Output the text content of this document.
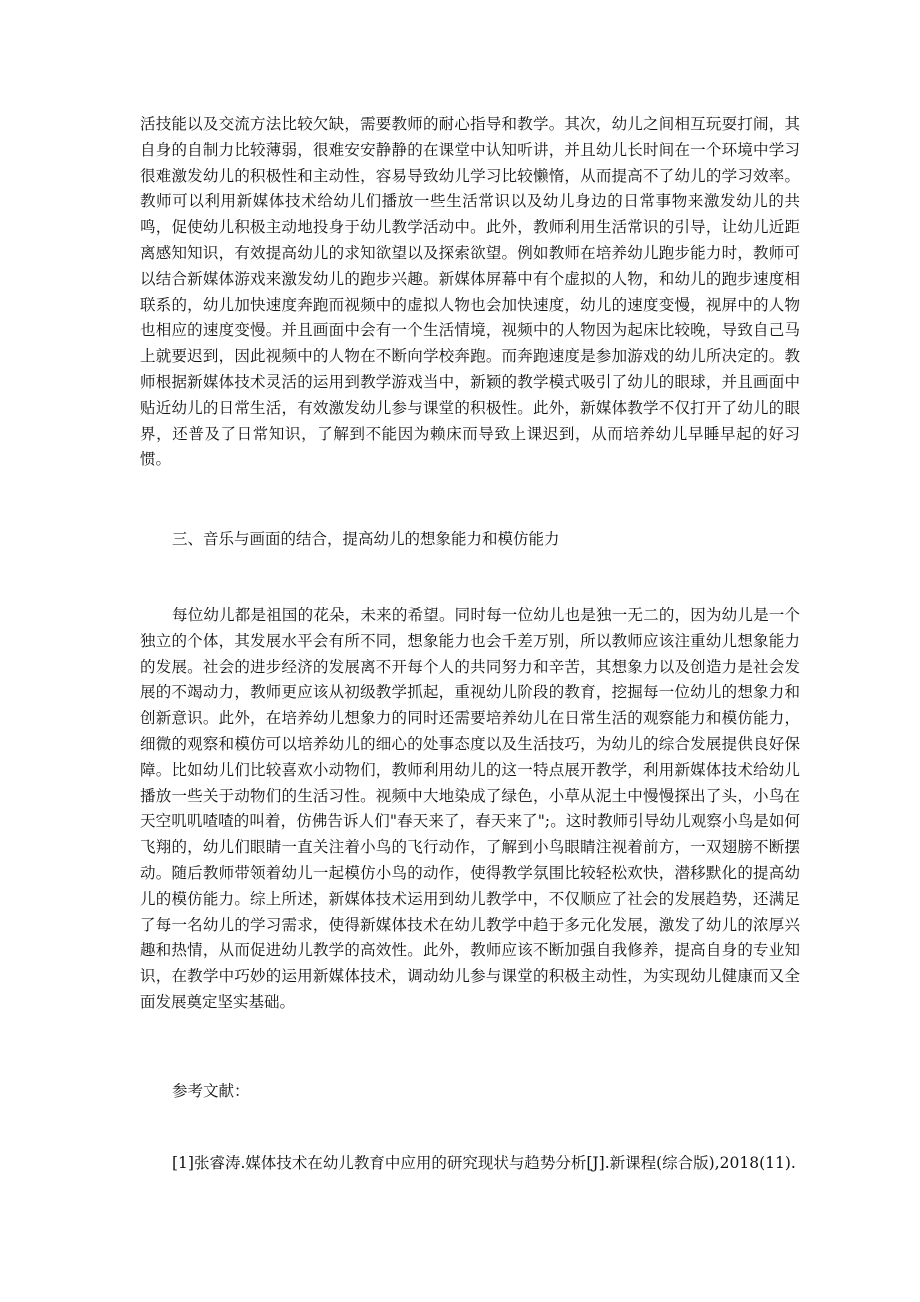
活技能以及交流方法比较欠缺，需要教师的耐心指导和教学。其次，幼儿之间相互玩耍打闹，其自身的自制力比较薄弱，很难安安静静的在课堂中认知听讲，并且幼儿长时间在一个环境中学习很难激发幼儿的积极性和主动性，容易导致幼儿学习比较懒惰，从而提高不了幼儿的学习效率。教师可以利用新媒体技术给幼儿们播放一些生活常识以及幼儿身边的日常事物来激发幼儿的共鸣，促使幼儿积极主动地投身于幼儿教学活动中。此外，教师利用生活常识的引导，让幼儿近距离感知知识，有效提高幼儿的求知欲望以及探索欲望。例如教师在培养幼儿跑步能力时，教师可以结合新媒体游戏来激发幼儿的跑步兴趣。新媒体屏幕中有个虚拟的人物，和幼儿的跑步速度相联系的，幼儿加快速度奔跑而视频中的虚拟人物也会加快速度，幼儿的速度变慢，视屏中的人物也相应的速度变慢。并且画面中会有一个生活情境，视频中的人物因为起床比较晚，导致自己马上就要迟到，因此视频中的人物在不断向学校奔跑。而奔跑速度是参加游戏的幼儿所决定的。教师根据新媒体技术灵活的运用到教学游戏当中，新颖的教学模式吸引了幼儿的眼球，并且画面中贴近幼儿的日常生活，有效激发幼儿参与课堂的积极性。此外，新媒体教学不仅打开了幼儿的眼界，还普及了日常知识，了解到不能因为赖床而导致上课迟到，从而培养幼儿早睡早起的好习惯。

三、音乐与画面的结合，提高幼儿的想象能力和模仿能力

每位幼儿都是祖国的花朵，未来的希望。同时每一位幼儿也是独一无二的，因为幼儿是一个独立的个体，其发展水平会有所不同，想象能力也会千差万别，所以教师应该注重幼儿想象能力的发展。社会的进步经济的发展离不开每个人的共同努力和辛苦，其想象力以及创造力是社会发展的不竭动力，教师更应该从初级教学抓起，重视幼儿阶段的教育，挖掘每一位幼儿的想象力和创新意识。此外，在培养幼儿想象力的同时还需要培养幼儿在日常生活的观察能力和模仿能力，细微的观察和模仿可以培养幼儿的细心的处事态度以及生活技巧，为幼儿的综合发展提供良好保障。比如幼儿们比较喜欢小动物们，教师利用幼儿的这一特点展开教学，利用新媒体技术给幼儿播放一些关于动物们的生活习性。视频中大地染成了绿色，小草从泥土中慢慢探出了头，小鸟在天空叽叽喳喳的叫着，仿佛告诉人们"春天来了，春天来了";。这时教师引导幼儿观察小鸟是如何飞翔的，幼儿们眼睛一直关注着小鸟的飞行动作，了解到小鸟眼睛注视着前方，一双翅膀不断摆动。随后教师带领着幼儿一起模仿小鸟的动作，使得教学氛围比较轻松欢快，潜移默化的提高幼儿的模仿能力。综上所述，新媒体技术运用到幼儿教学中，不仅顺应了社会的发展趋势，还满足了每一名幼儿的学习需求，使得新媒体技术在幼儿教学中趋于多元化发展，激发了幼儿的浓厚兴趣和热情，从而促进幼儿教学的高效性。此外，教师应该不断加强自我修养，提高自身的专业知识，在教学中巧妙的运用新媒体技术，调动幼儿参与课堂的积极主动性，为实现幼儿健康而又全面发展奠定坚实基础。

参考文献：

[1]张睿涛.媒体技术在幼儿教育中应用的研究现状与趋势分析[J].新课程(综合版),2018(11).
